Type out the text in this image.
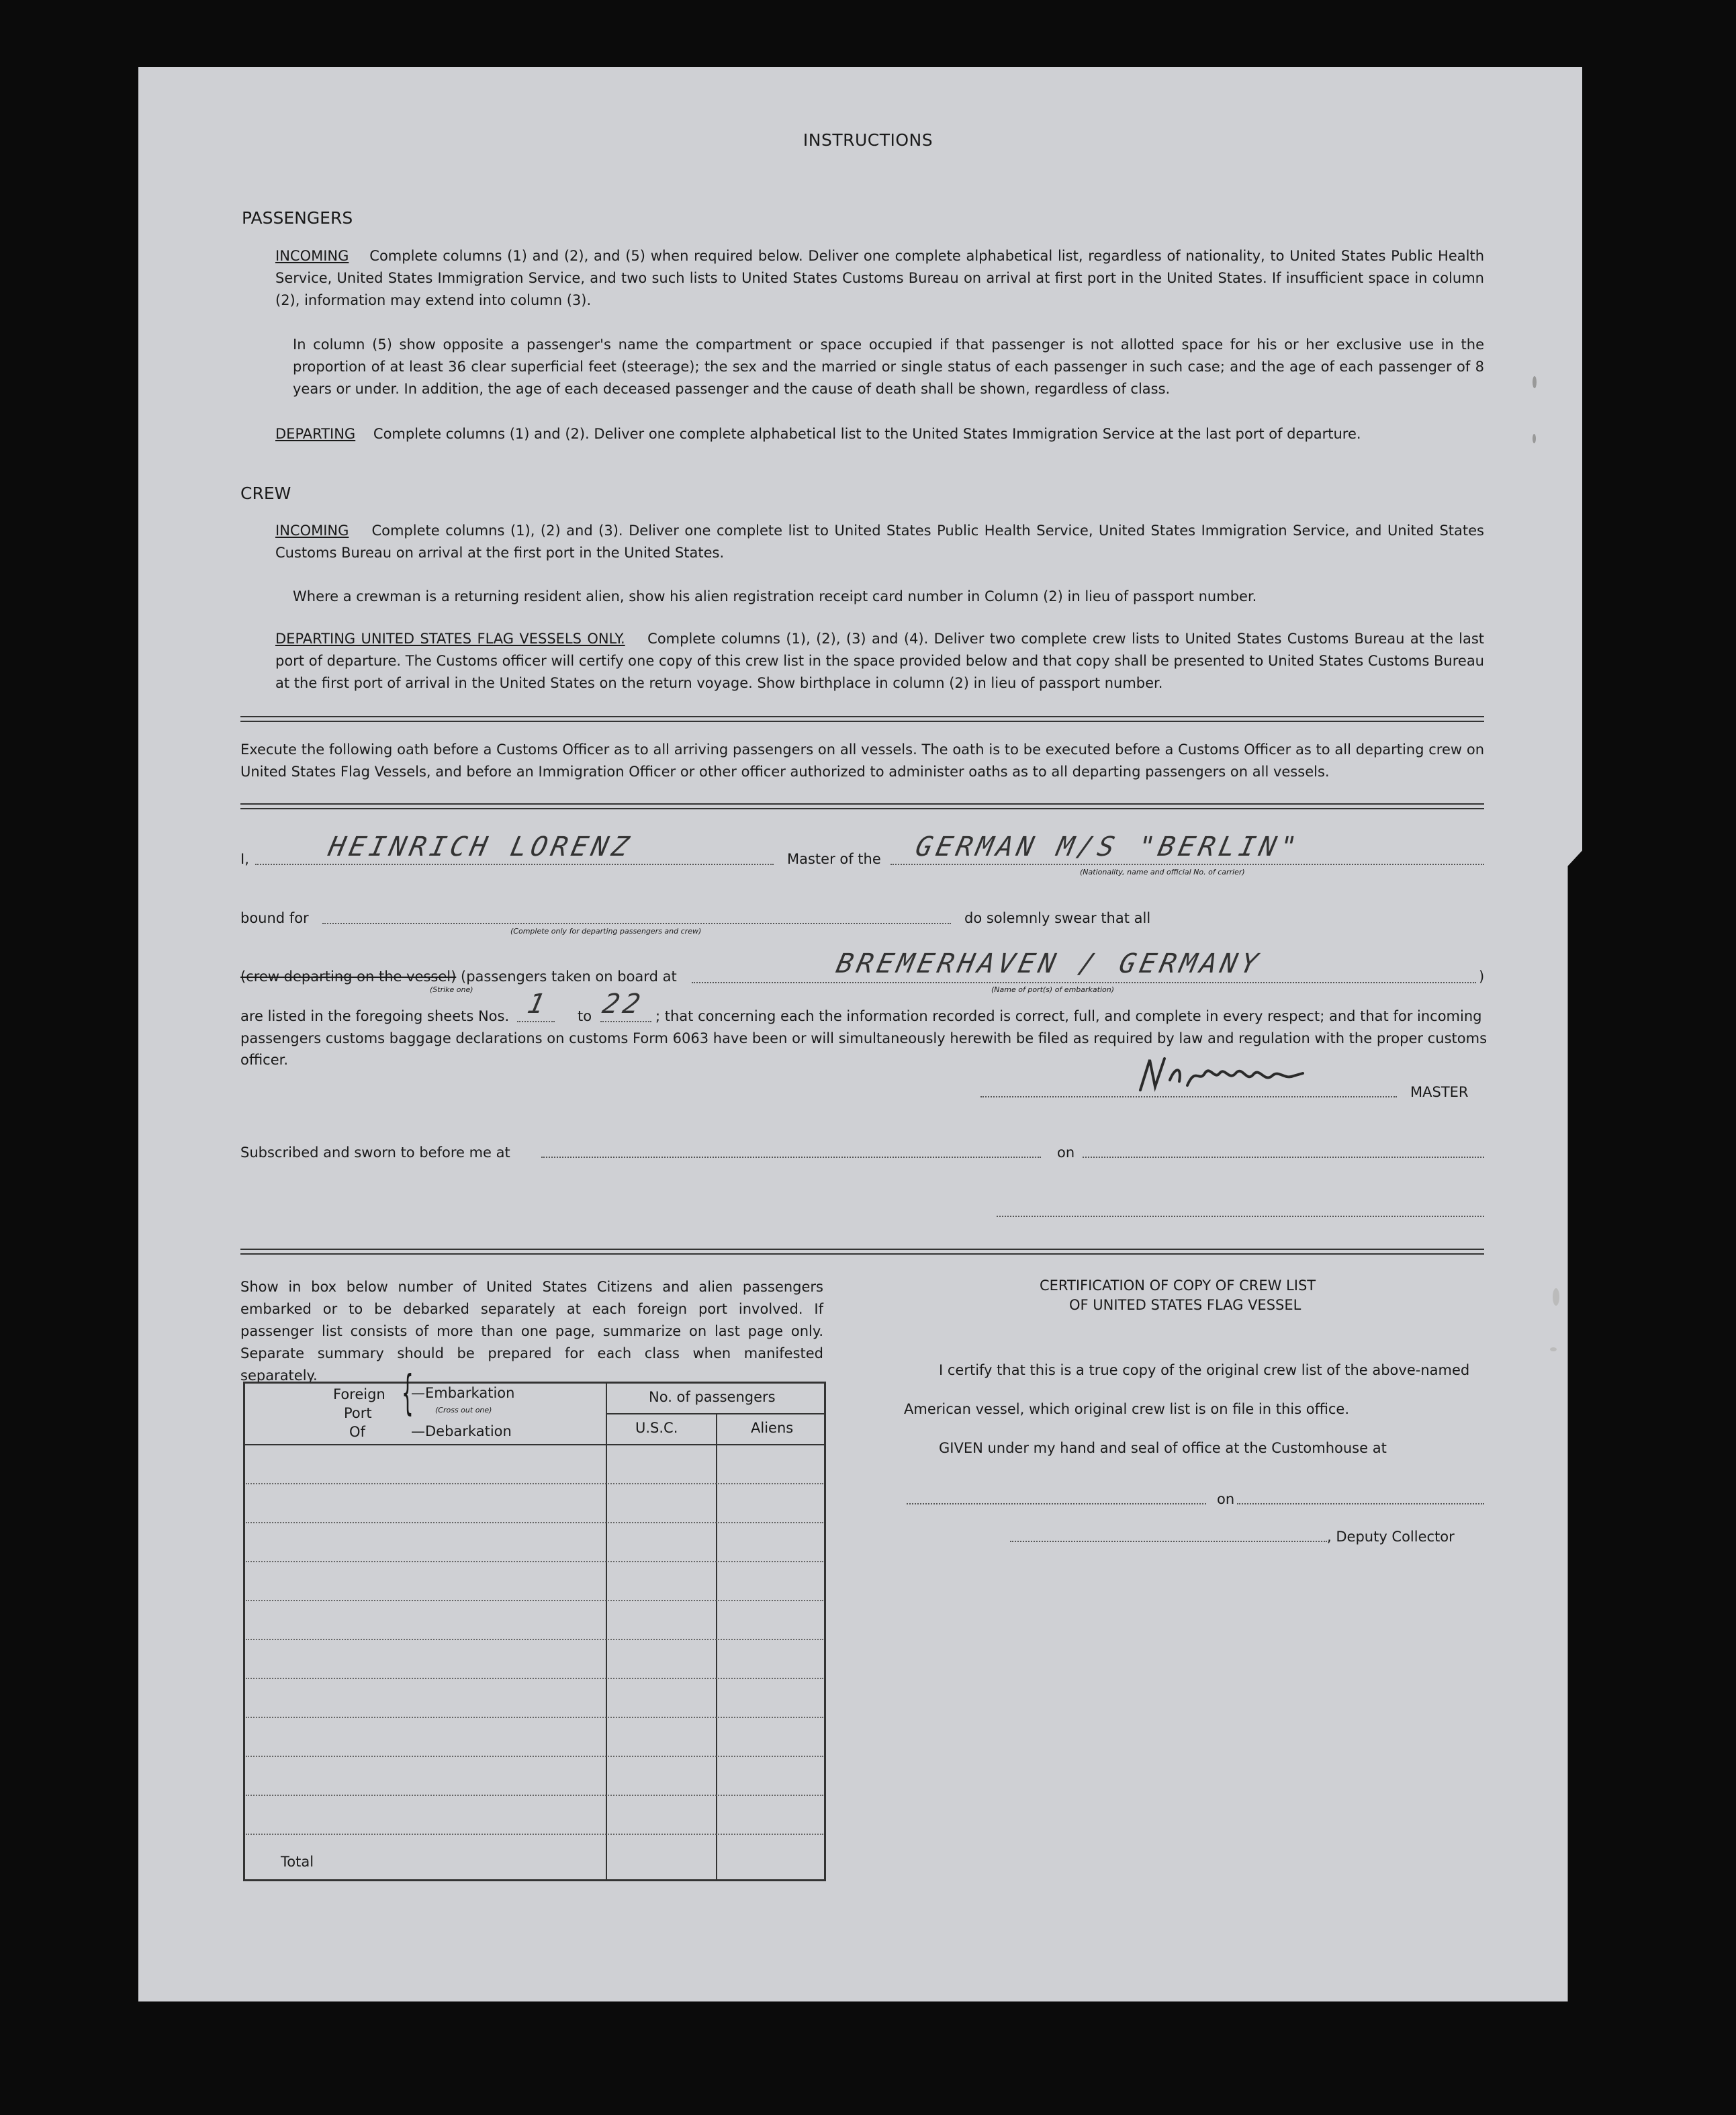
INSTRUCTIONS
PASSENGERS
INCOMING Complete columns (1) and (2), and (5) when required below. Deliver one complete alphabetical list, regardless of nationality, to United States Public Health Service, United States Immigration Service, and two such lists to United States Customs Bureau on arrival at first port in the United States. If insufficient space in column (2), information may extend into column (3).
In column (5) show opposite a passenger's name the compartment or space occupied if that passenger is not allotted space for his or her exclusive use in the proportion of at least 36 clear superficial feet (steerage); the sex and the married or single status of each passenger in such case; and the age of each passenger of 8 years or under. In addition, the age of each deceased passenger and the cause of death shall be shown, regardless of class.
DEPARTING Complete columns (1) and (2). Deliver one complete alphabetical list to the United States Immigration Service at the last port of departure.
CREW
INCOMING Complete columns (1), (2) and (3). Deliver one complete list to United States Public Health Service, United States Immigration Service, and United States Customs Bureau on arrival at the first port in the United States.
Where a crewman is a returning resident alien, show his alien registration receipt card number in Column (2) in lieu of passport number.
DEPARTING UNITED STATES FLAG VESSELS ONLY. Complete columns (1), (2), (3) and (4). Deliver two complete crew lists to United States Customs Bureau at the last port of departure. The Customs officer will certify one copy of this crew list in the space provided below and that copy shall be presented to United States Customs Bureau at the first port of arrival in the United States on the return voyage. Show birthplace in column (2) in lieu of passport number.
Execute the following oath before a Customs Officer as to all arriving passengers on all vessels. The oath is to be executed before a Customs Officer as to all departing crew on United States Flag Vessels, and before an Immigration Officer or other officer authorized to administer oaths as to all departing passengers on all vessels.
I,	HEINRICH LORENZ	Master of the GERMAN M/S "BERLIN"
(Nationality, name and official No. of carrier)
bound for
(Complete only for departing passengers and crew)
do solemnly swear that all
(crew departing on the vessel) (passengers taken on board at
(Strike one)
BREMERHAVEN / GERMANY
(Name of port(s) of embarkation)
)
are listed in the foregoing sheets Nos. 1 to 22 ; that concerning each the information recorded is correct, full, and complete in every respect; and that for incoming
passengers customs baggage declarations on customs Form 6063 have been or will simultaneously herewith be filed as required by law and regulation with the proper customs
officer.
MASTER
Subscribed and sworn to before me at	on
Show in box below number of United States Citizens and alien passengers embarked or to be debarked separately at each foreign port involved. If passenger list consists of more than one page, summarize on last page only. Separate summary should be prepared for each class when manifested separately.
Foreign
Port
Of
{
—Embarkation
(Cross out one)
—Debarkation
No. of passengers
U.S.C.	Aliens
Total
CERTIFICATION OF COPY OF CREW LIST
OF UNITED STATES FLAG VESSEL
I certify that this is a true copy of the original crew list of the above-named
American vessel, which original crew list is on file in this office.
GIVEN under my hand and seal of office at the Customhouse at
on
, Deputy Collector
